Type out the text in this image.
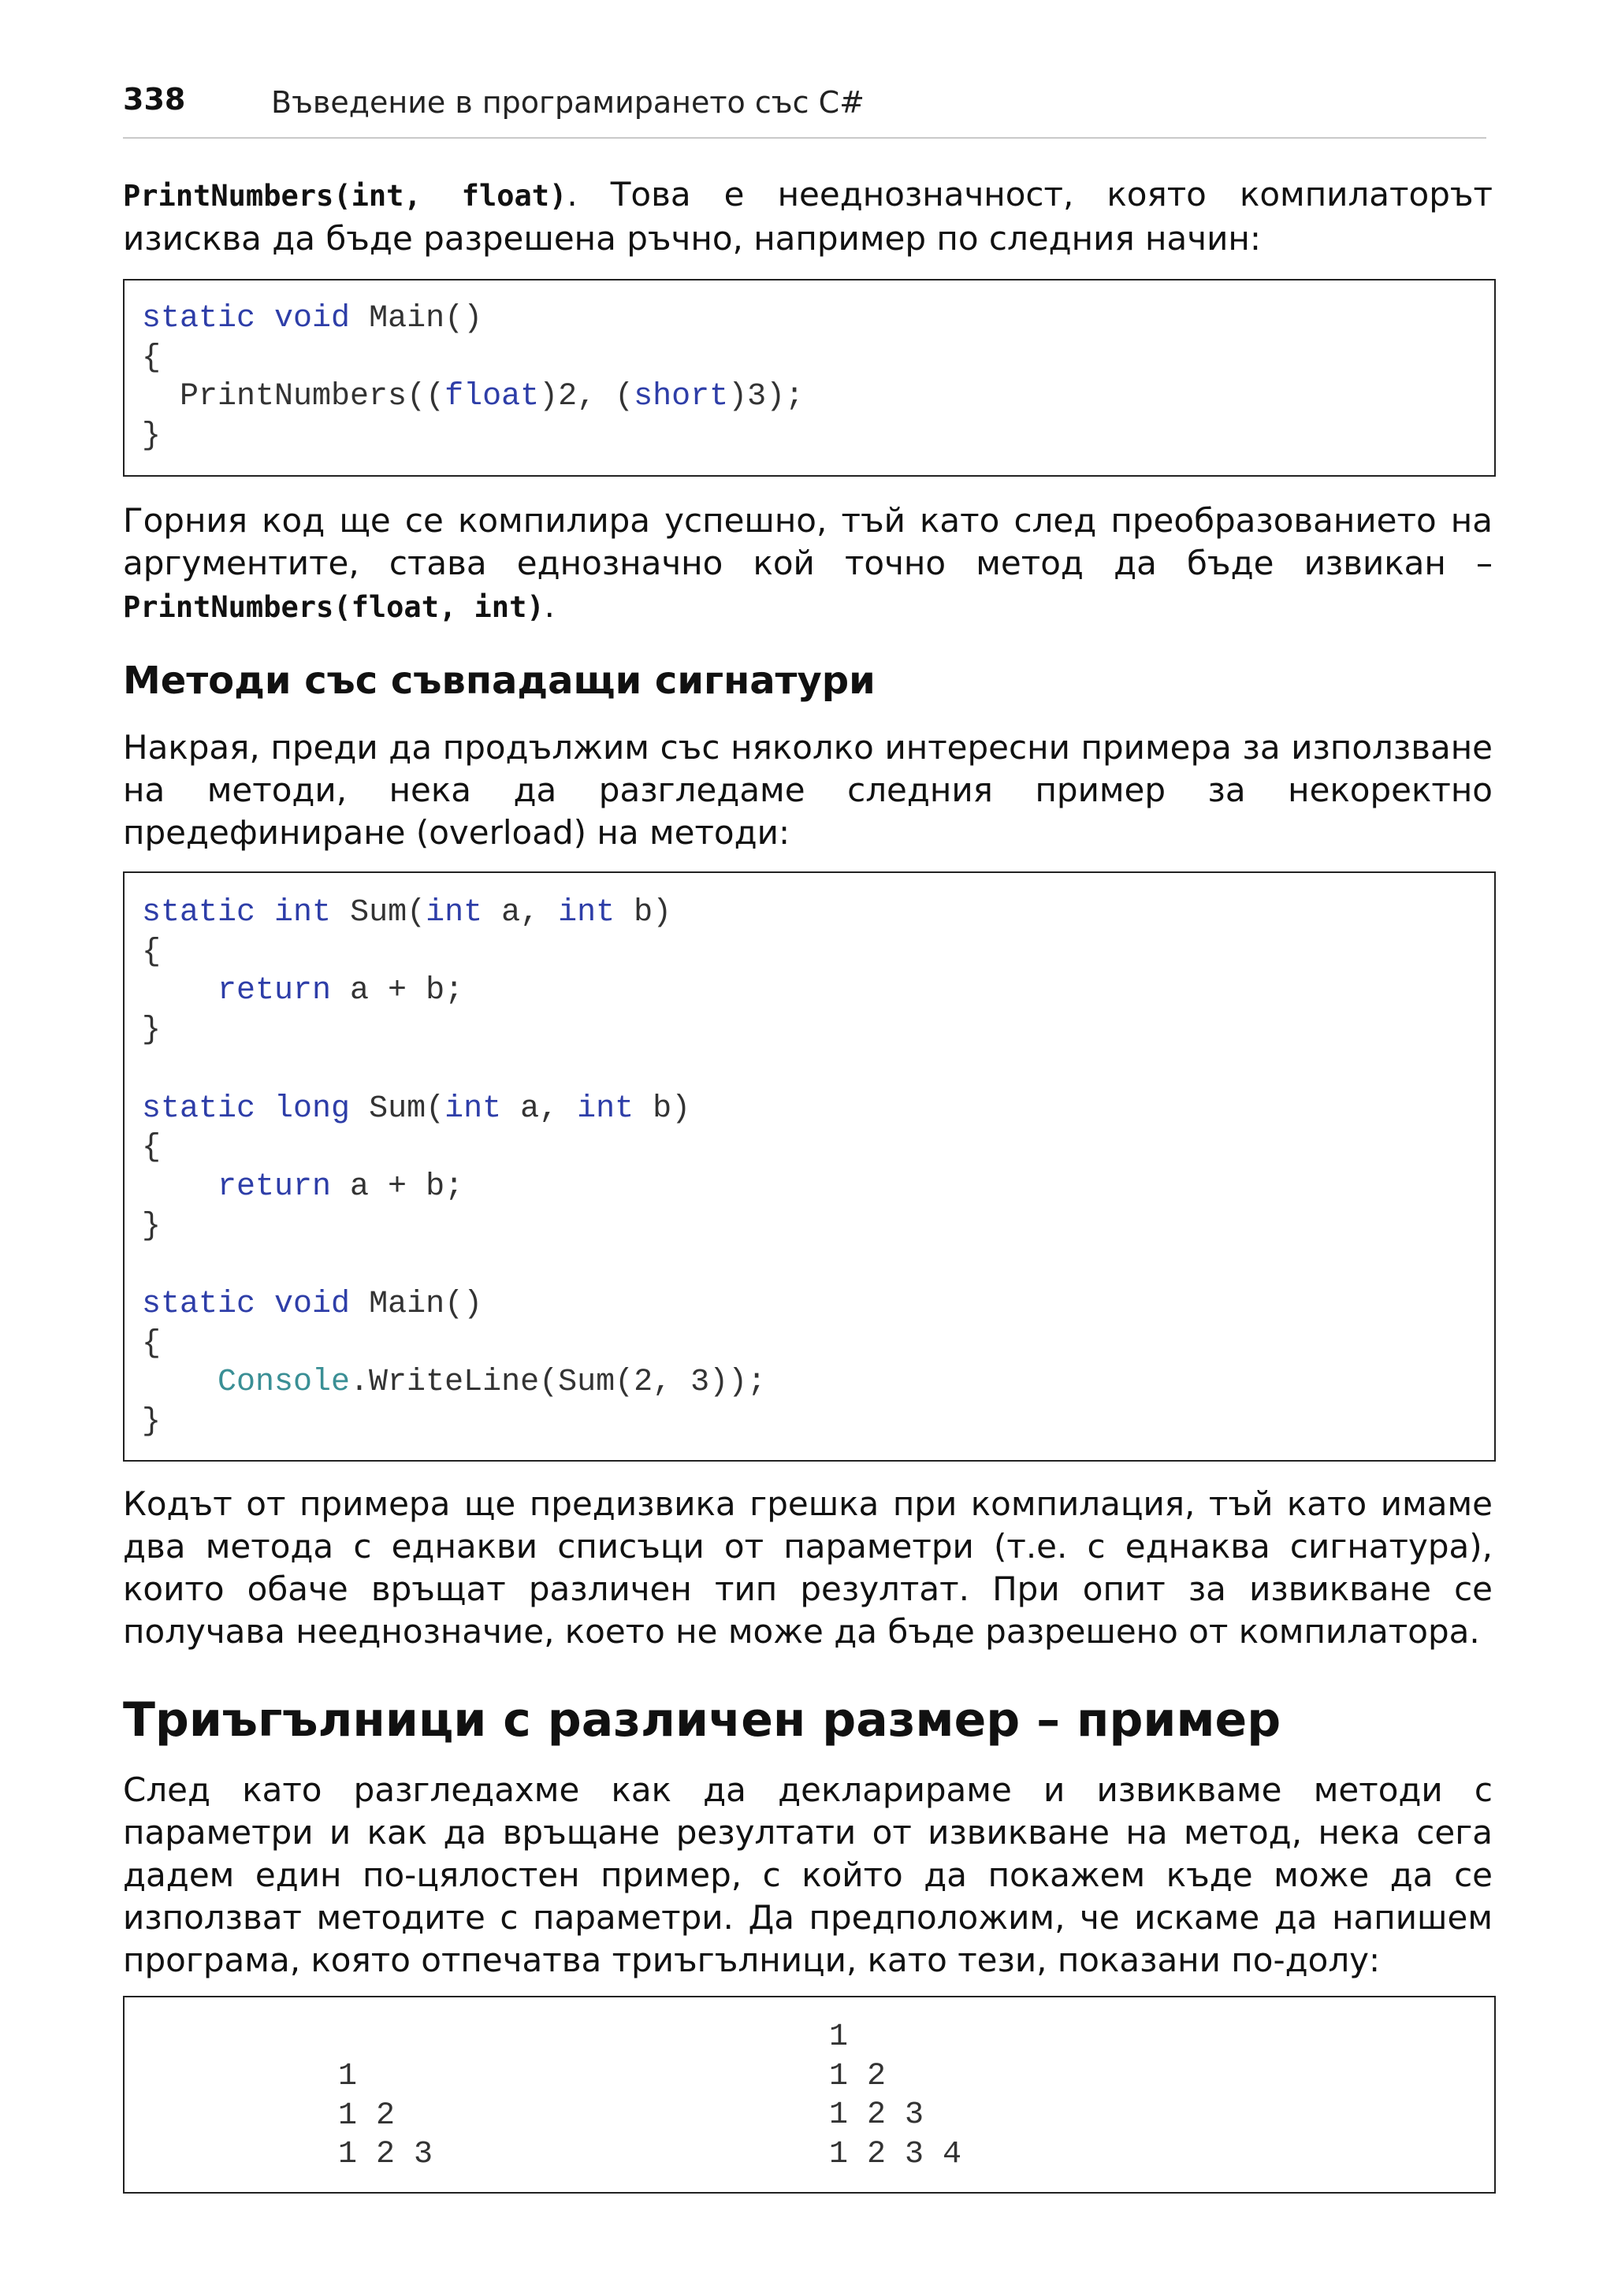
338	Въведение в програмирането със C#

PrintNumbers(int, float). Това е нееднозначност, която компилаторът изисква да бъде разрешена ръчно, например по следния начин:

static void Main()
{
PrintNumbers((float)2, (short)3);
}

Горния код ще се компилира успешно, тъй като след преобразованието на аргументите, става еднозначно кой точно метод да бъде извикан – PrintNumbers(float, int).

Методи със съвпадащи сигнатури

Накрая, преди да продължим със няколко интересни примера за използване на методи, нека да разгледаме следния пример за некоректно предефиниране (overload) на методи:

static int Sum(int a, int b)
{
return a + b;
}

static long Sum(int a, int b)
{
return a + b;
}

static void Main()
{
Console.WriteLine(Sum(2, 3));
}

Кодът от примера ще предизвика грешка при компилация, тъй като имаме два метода с еднакви списъци от параметри (т.е. с еднаква сигнатура), които обаче връщат различен тип резултат. При опит за извикване се получава нееднозначие, което не може да бъде разрешено от компилатора.

Триъгълници с различен размер – пример

След като разгледахме как да декларираме и извикваме методи с параметри и как да връщане резултати от извикване на метод, нека сега дадем един по-цялостен пример, с който да покажем къде може да се използват методите с параметри. Да предположим, че искаме да напишем програма, която отпечатва триъгълници, като тези, показани по-долу:

1
1 2
1 2 3
1
1 2
1 2 3
1 2 3 4
